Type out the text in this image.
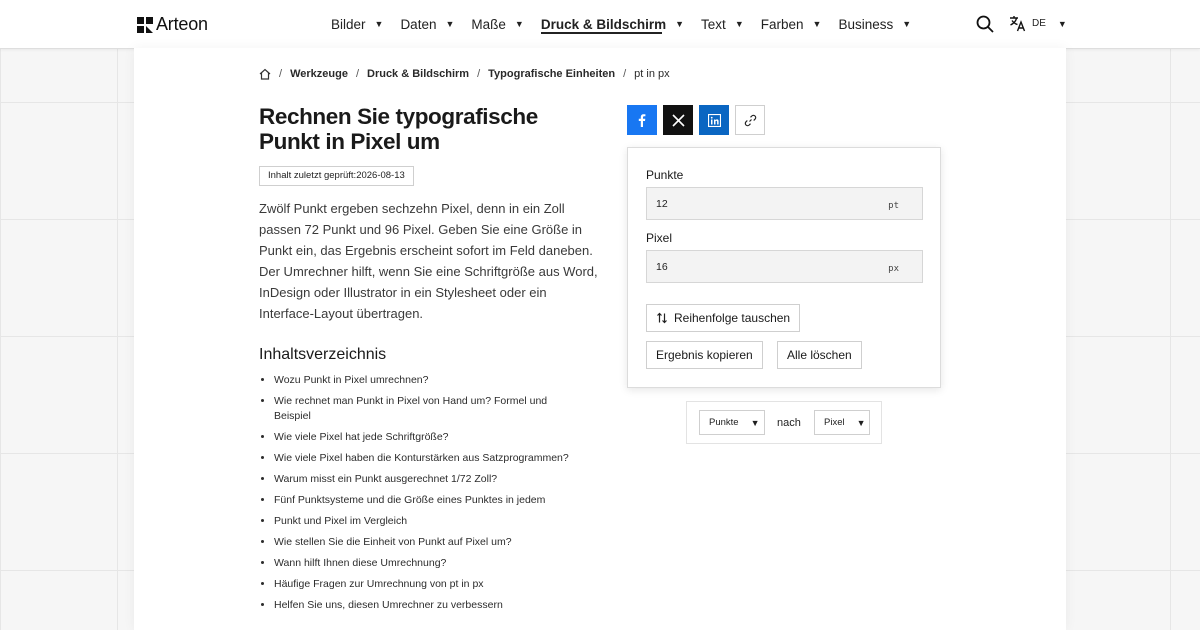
Arteon	Bilder ▼ Daten ▼ Maße ▼ Druck & Bildschirm ▼ Text ▼ Farben ▼ Business ▼	DE ▼
/ Werkzeuge / Druck & Bildschirm / Typografische Einheiten / pt in px
Rechnen Sie typografische Punkt in Pixel um
Inhalt zuletzt geprüft:2026-08-13

Zwölf Punkt ergeben sechzehn Pixel, denn in ein Zoll passen 72 Punkt und 96 Pixel. Geben Sie eine Größe in Punkt ein, das Ergebnis erscheint sofort im Feld daneben. Der Umrechner hilft, wenn Sie eine Schriftgröße aus Word, InDesign oder Illustrator in ein Stylesheet oder ein Interface-Layout übertragen.

Inhaltsverzeichnis
• Wozu Punkt in Pixel umrechnen?
• Wie rechnet man Punkt in Pixel von Hand um? Formel und Beispiel
• Wie viele Pixel hat jede Schriftgröße?
• Wie viele Pixel haben die Konturstärken aus Satzprogrammen?
• Warum misst ein Punkt ausgerechnet 1/72 Zoll?
• Fünf Punktsysteme und die Größe eines Punktes in jedem
• Punkt und Pixel im Vergleich
• Wie stellen Sie die Einheit von Punkt auf Pixel um?
• Wann hilft Ihnen diese Umrechnung?
• Häufige Fragen zur Umrechnung von pt in px
• Helfen Sie uns, diesen Umrechner zu verbessern
Punkte
12
pt
Pixel
16
px
Reihenfolge tauschen
Ergebnis kopieren	Alle löschen
Punkte ▼ nach Pixel ▼
